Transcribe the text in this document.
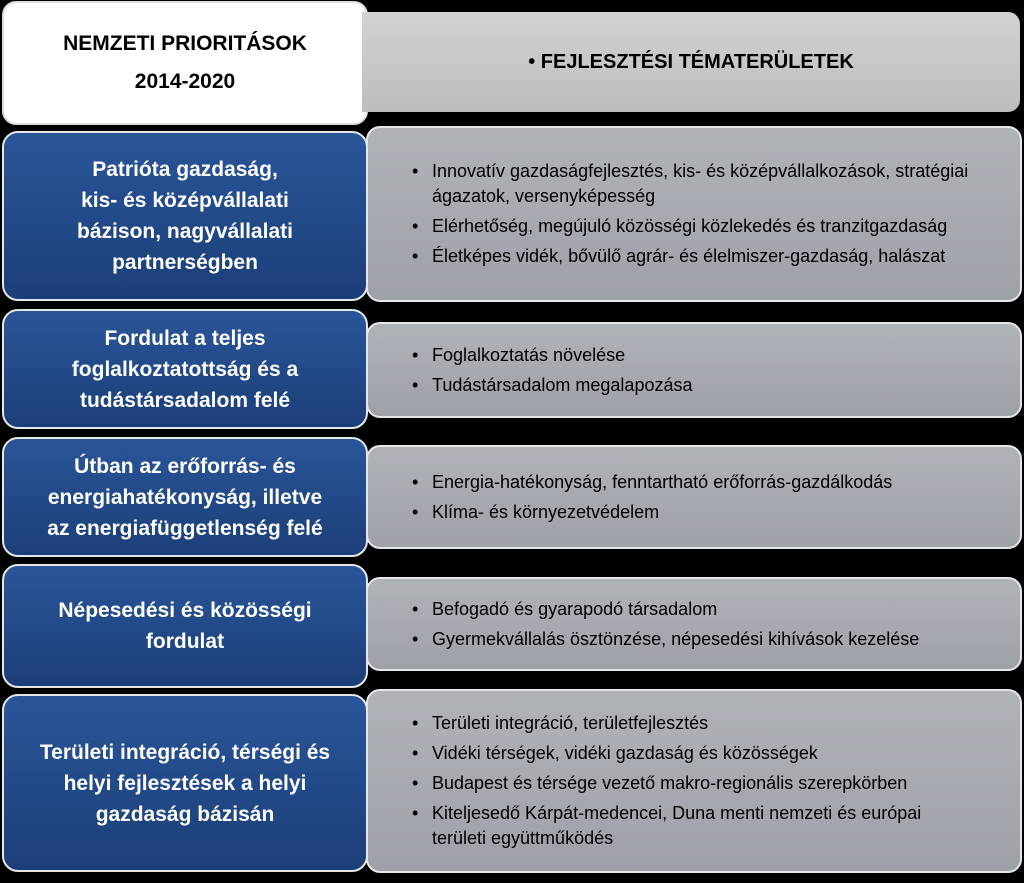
NEMZETI PRIORITÁSOK
2014-2020
• FEJLESZTÉSI TÉMATERÜLETEK
Patrióta gazdaság,
kis- és középvállalati
bázison, nagyvállalati
partnerségben
• Innovatív gazdaságfejlesztés, kis- és középvállalkozások, stratégiai ágazatok, versenyképesség
• Elérhetőség, megújuló közösségi közlekedés és tranzitgazdaság
• Életképes vidék, bővülő agrár- és élelmiszer-gazdaság, halászat
Fordulat a teljes
foglalkoztatottság és a
tudástársadalom felé
• Foglalkoztatás növelése
• Tudástársadalom megalapozása
Útban az erőforrás- és
energiahatékonyság, illetve
az energiafüggetlenség felé
• Energia-hatékonyság, fenntartható erőforrás-gazdálkodás
• Klíma- és környezetvédelem
Népesedési és közösségi
fordulat
• Befogadó és gyarapodó társadalom
• Gyermekvállalás ösztönzése, népesedési kihívások kezelése
Területi integráció, térségi és
helyi fejlesztések a helyi
gazdaság bázisán
• Területi integráció, területfejlesztés
• Vidéki térségek, vidéki gazdaság és közösségek
• Budapest és térsége vezető makro-regionális szerepkörben
• Kiteljesedő Kárpát-medencei, Duna menti nemzeti és európai területi együttműködés
